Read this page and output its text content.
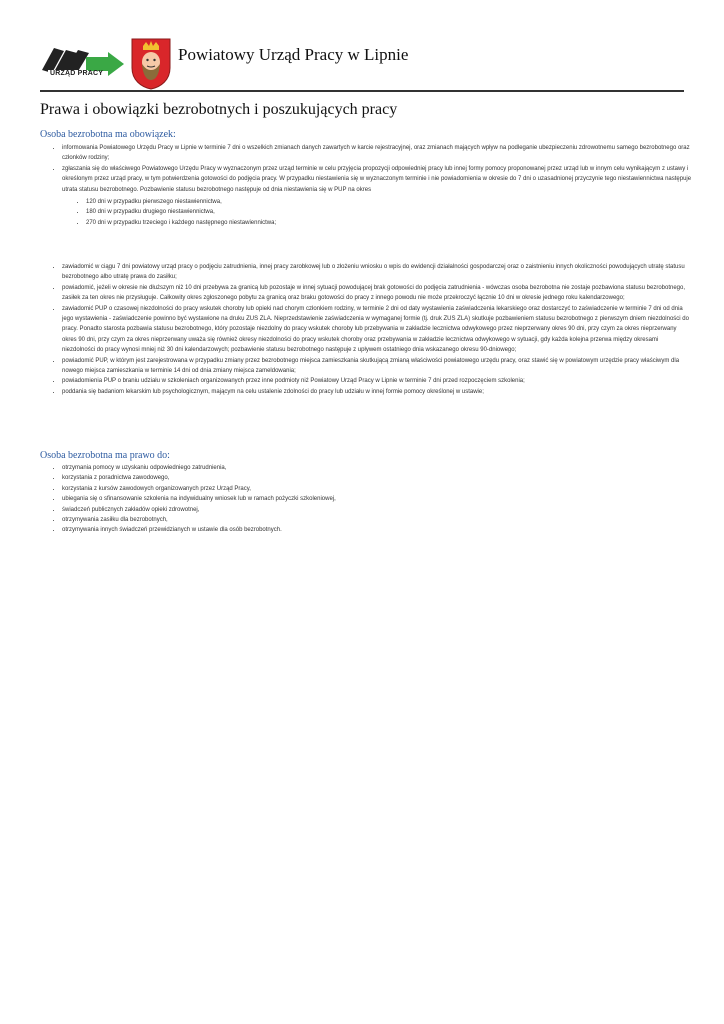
URZĄD PRACY
Powiatowy Urząd Pracy w Lipnie
Prawa i obowiązki bezrobotnych i poszukujących pracy
Osoba bezrobotna ma obowiązek:
• informowania Powiatowego Urzędu Pracy w Lipnie w terminie 7 dni o wszelkich zmianach danych zawartych w karcie rejestracyjnej, oraz zmianach mających wpływ na podleganie ubezpieczeniu zdrowotnemu samego bezrobotnego oraz członków rodziny;
• zgłaszania się do właściwego Powiatowego Urzędu Pracy w wyznaczonym przez urząd terminie w celu przyjęcia propozycji odpowiedniej pracy lub innej formy pomocy proponowanej przez urząd lub w innym celu wynikającym z ustawy i określonym przez urząd pracy, w tym potwierdzenia gotowości do podjęcia pracy. W przypadku niestawienia się w wyznaczonym terminie i nie powiadomienia w okresie do 7 dni o uzasadnionej przyczynie tego niestawiennictwa następuje utrata statusu bezrobotnego. Pozbawienie statusu bezrobotnego następuje od dnia niestawienia się w PUP na okres
• 120 dni w przypadku pierwszego niestawiennictwa,
• 180 dni w przypadku drugiego niestawiennictwa,
• 270 dni w przypadku trzeciego i każdego następnego niestawiennictwa;
• zawiadomić w ciągu 7 dni powiatowy urząd pracy o podjęciu zatrudnienia, innej pracy zarobkowej lub o złożeniu wniosku o wpis do ewidencji działalności gospodarczej oraz o zaistnieniu innych okoliczności powodujących utratę statusu bezrobotnego albo utratę prawa do zasiłku;
• powiadomić, jeżeli w okresie nie dłuższym niż 10 dni przebywa za granicą lub pozostaje w innej sytuacji powodującej brak gotowości do podjęcia zatrudnienia - wówczas osoba bezrobotna nie zostaje pozbawiona statusu bezrobotnego, zasiłek za ten okres nie przysługuje. Całkowity okres zgłoszonego pobytu za granicą oraz braku gotowości do pracy z innego powodu nie może przekroczyć łącznie 10 dni w okresie jednego roku kalendarzowego;
• zawiadomić PUP o czasowej niezdolności do pracy wskutek choroby lub opieki nad chorym członkiem rodziny, w terminie 2 dni od daty wystawienia zaświadczenia lekarskiego oraz dostarczyć to zaświadczenie w terminie 7 dni od dnia jego wystawienia - zaświadczenie powinno być wystawione na druku ZUS ZLA. Nieprzedstawienie zaświadczenia w wymaganej formie (tj. druk ZUS ZLA) skutkuje pozbawieniem statusu bezrobotnego z pierwszym dniem niezdolności do pracy. Ponadto starosta pozbawia statusu bezrobotnego, który pozostaje niezdolny do pracy wskutek choroby lub przebywania w zakładzie lecznictwa odwykowego przez nieprzerwany okres 90 dni, przy czym za okres nieprzerwany okres 90 dni, przy czym za okres nieprzerwany uważa się również okresy niezdolności do pracy wskutek choroby oraz przebywania w zakładzie lecznictwa odwykowego w sytuacji, gdy każda kolejna przerwa między okresami niezdolności do pracy wynosi mniej niż 30 dni kalendarzowych; pozbawienie statusu bezrobotnego następuje z upływem ostatniego dnia wskazanego okresu 90-dniowego;
• powiadomić PUP, w którym jest zarejestrowana w przypadku zmiany przez bezrobotnego miejsca zamieszkania skutkującą zmianą właściwości powiatowego urzędu pracy, oraz stawić się w powiatowym urzędzie pracy właściwym dla nowego miejsca zamieszkania w terminie 14 dni od dnia zmiany miejsca zameldowania;
• powiadomienia PUP o braniu udziału w szkoleniach organizowanych przez inne podmioty niż Powiatowy Urząd Pracy w Lipnie w terminie 7 dni przed rozpoczęciem szkolenia;
• poddania się badaniom lekarskim lub psychologicznym, mającym na celu ustalenie zdolności do pracy lub udziału w innej formie pomocy określonej w ustawie;
Osoba bezrobotna ma prawo do:
• otrzymania pomocy w uzyskaniu odpowiedniego zatrudnienia,
• korzystania z poradnictwa zawodowego,
• korzystania z kursów zawodowych organizowanych przez Urząd Pracy,
• ubiegania się o sfinansowanie szkolenia na indywidualny wniosek lub w ramach pożyczki szkoleniowej,
• świadczeń publicznych zakładów opieki zdrowotnej,
• otrzymywania zasiłku dla bezrobotnych,
• otrzymywania innych świadczeń przewidzianych w ustawie dla osób bezrobotnych.
